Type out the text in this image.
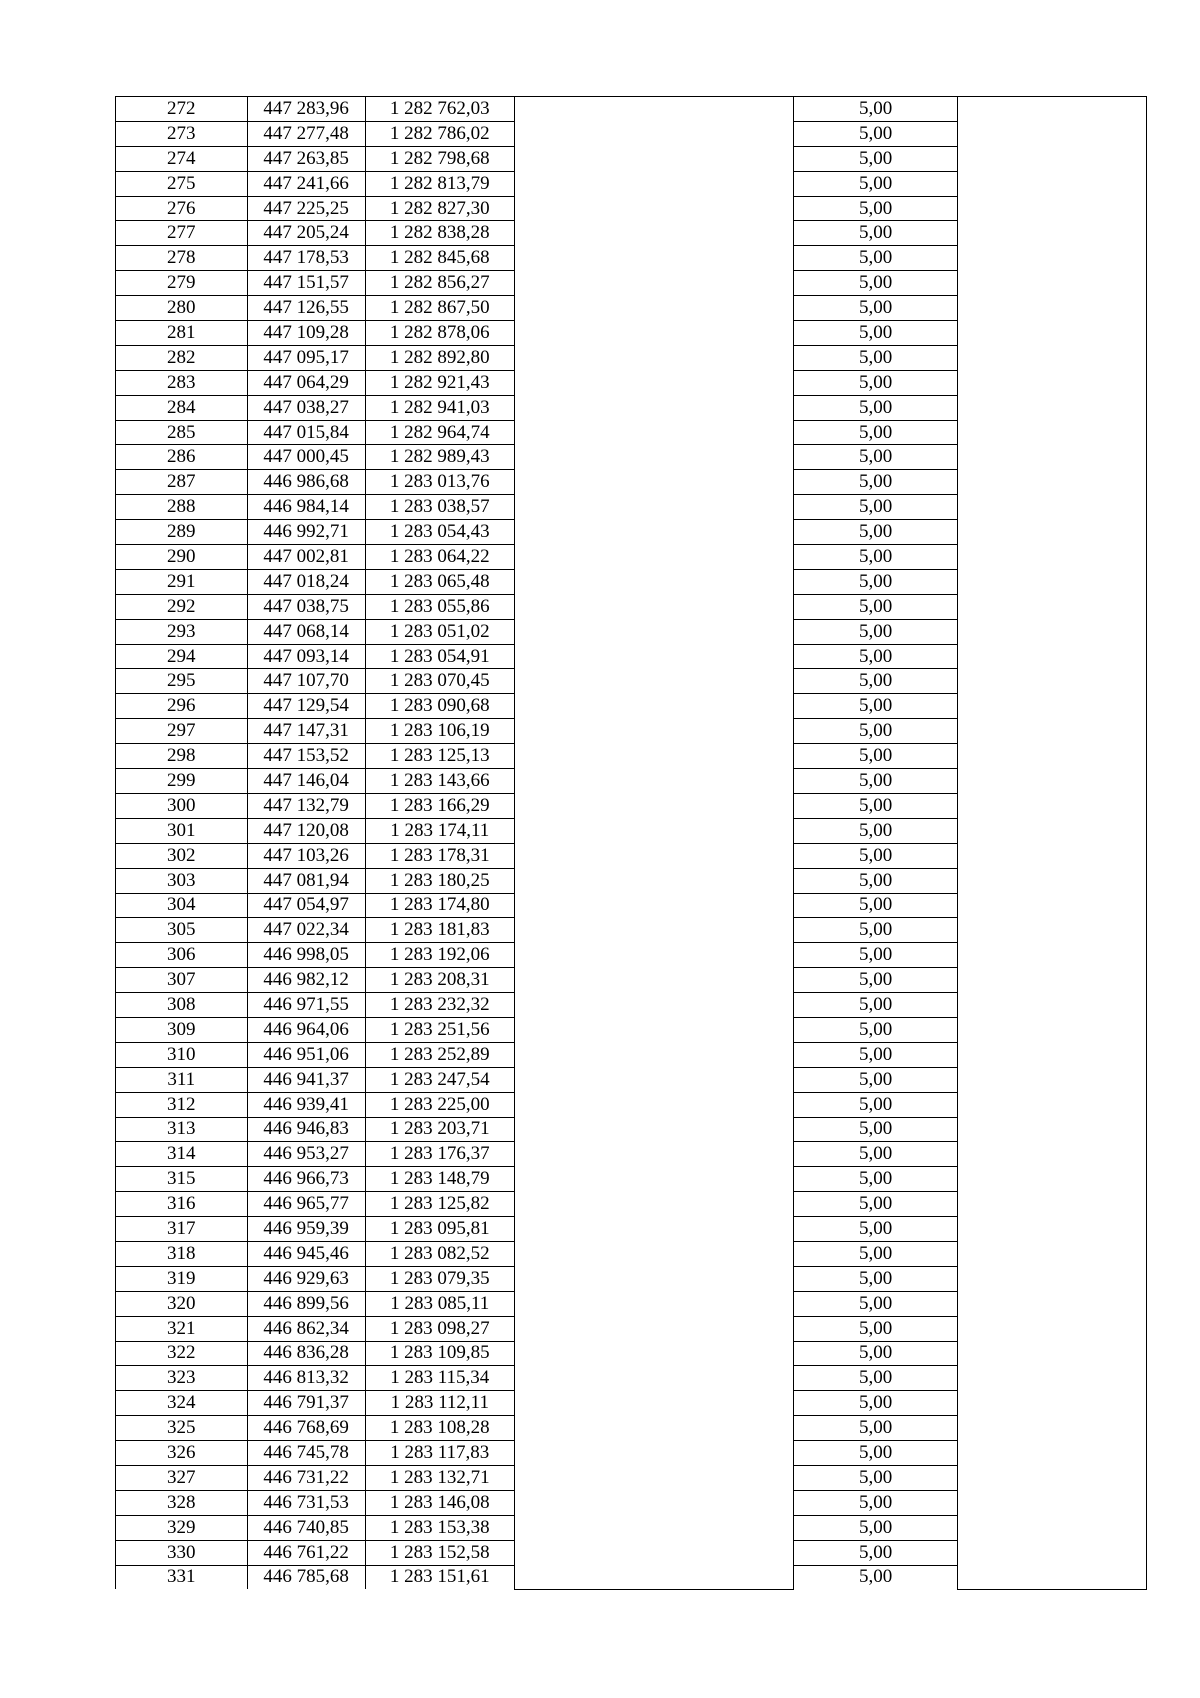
272	447 283,96	1 282 762,03		5,00	
273	447 277,48	1 282 786,02		5,00	
274	447 263,85	1 282 798,68		5,00	
275	447 241,66	1 282 813,79		5,00	
276	447 225,25	1 282 827,30		5,00	
277	447 205,24	1 282 838,28		5,00	
278	447 178,53	1 282 845,68		5,00	
279	447 151,57	1 282 856,27		5,00	
280	447 126,55	1 282 867,50		5,00	
281	447 109,28	1 282 878,06		5,00	
282	447 095,17	1 282 892,80		5,00	
283	447 064,29	1 282 921,43		5,00	
284	447 038,27	1 282 941,03		5,00	
285	447 015,84	1 282 964,74		5,00	
286	447 000,45	1 282 989,43		5,00	
287	446 986,68	1 283 013,76		5,00	
288	446 984,14	1 283 038,57		5,00	
289	446 992,71	1 283 054,43		5,00	
290	447 002,81	1 283 064,22		5,00	
291	447 018,24	1 283 065,48		5,00	
292	447 038,75	1 283 055,86		5,00	
293	447 068,14	1 283 051,02		5,00	
294	447 093,14	1 283 054,91		5,00	
295	447 107,70	1 283 070,45		5,00	
296	447 129,54	1 283 090,68		5,00	
297	447 147,31	1 283 106,19		5,00	
298	447 153,52	1 283 125,13		5,00	
299	447 146,04	1 283 143,66		5,00	
300	447 132,79	1 283 166,29		5,00	
301	447 120,08	1 283 174,11		5,00	
302	447 103,26	1 283 178,31		5,00	
303	447 081,94	1 283 180,25		5,00	
304	447 054,97	1 283 174,80		5,00	
305	447 022,34	1 283 181,83		5,00	
306	446 998,05	1 283 192,06		5,00	
307	446 982,12	1 283 208,31		5,00	
308	446 971,55	1 283 232,32		5,00	
309	446 964,06	1 283 251,56		5,00	
310	446 951,06	1 283 252,89		5,00	
311	446 941,37	1 283 247,54		5,00	
312	446 939,41	1 283 225,00		5,00	
313	446 946,83	1 283 203,71		5,00	
314	446 953,27	1 283 176,37		5,00	
315	446 966,73	1 283 148,79		5,00	
316	446 965,77	1 283 125,82		5,00	
317	446 959,39	1 283 095,81		5,00	
318	446 945,46	1 283 082,52		5,00	
319	446 929,63	1 283 079,35		5,00	
320	446 899,56	1 283 085,11		5,00	
321	446 862,34	1 283 098,27		5,00	
322	446 836,28	1 283 109,85		5,00	
323	446 813,32	1 283 115,34		5,00	
324	446 791,37	1 283 112,11		5,00	
325	446 768,69	1 283 108,28		5,00	
326	446 745,78	1 283 117,83		5,00	
327	446 731,22	1 283 132,71		5,00	
328	446 731,53	1 283 146,08		5,00	
329	446 740,85	1 283 153,38		5,00	
330	446 761,22	1 283 152,58		5,00	
331	446 785,68	1 283 151,61		5,00	
